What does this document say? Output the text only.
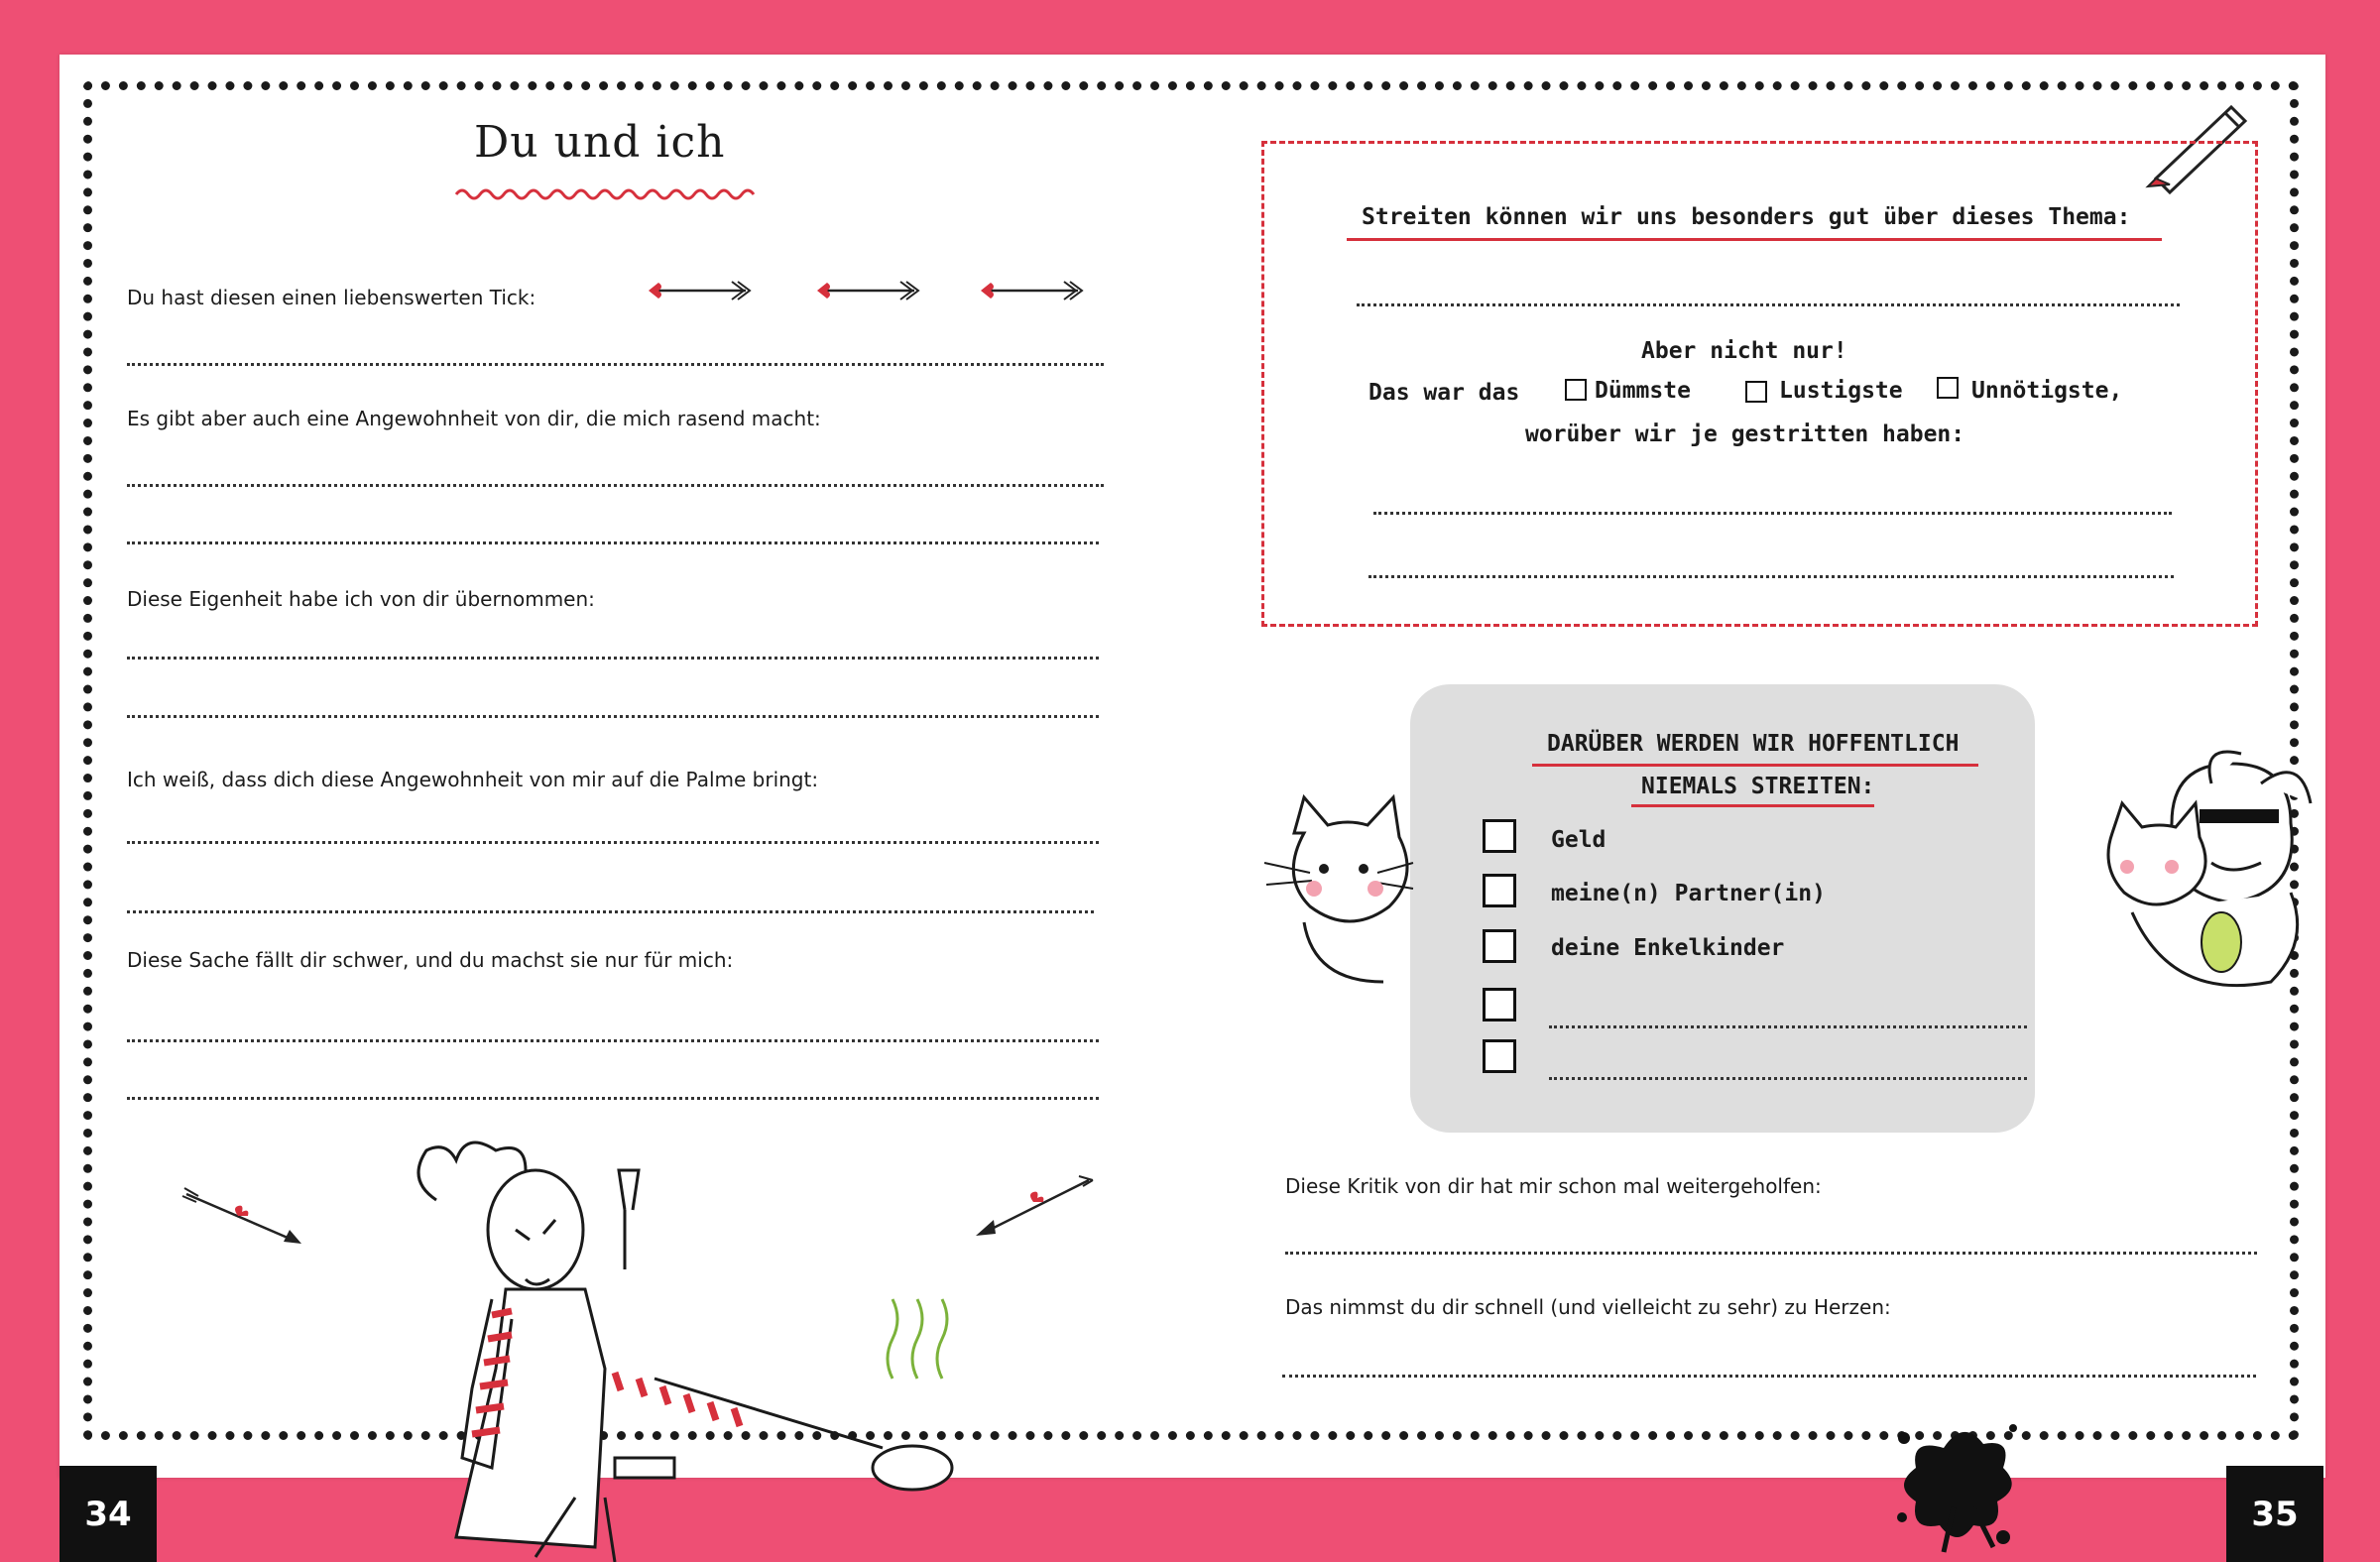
Du und ich
Du hast diesen einen liebenswerten Tick:
Es gibt aber auch eine Angewohnheit von dir, die mich rasend macht:
Diese Eigenheit habe ich von dir übernommen:
Ich weiß, dass dich diese Angewohnheit von mir auf die Palme bringt:
Diese Sache fällt dir schwer, und du machst sie nur für mich:
34
Streiten können wir uns besonders gut über dieses Thema:
Aber nicht nur!
Das war das	Dümmste	Lustigste	Unnötigste,
worüber wir je gestritten haben:
DARÜBER WERDEN WIR HOFFENTLICH
NIEMALS STREITEN:
Geld
meine(n) Partner(in)
deine Enkelkinder
Diese Kritik von dir hat mir schon mal weitergeholfen:
Das nimmst du dir schnell (und vielleicht zu sehr) zu Herzen:
35
